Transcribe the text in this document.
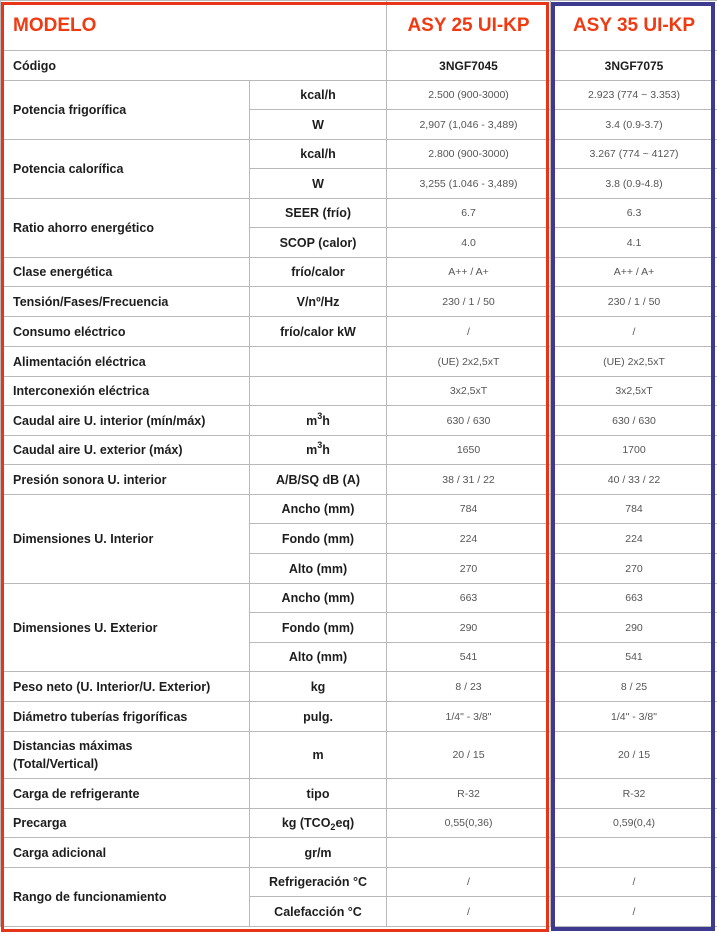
MODELO		ASY 25 UI-KP	ASY 35 UI-KP
Código		3NGF7045	3NGF7075
Potencia frigorífica	kcal/h	2.500 (900-3000)	2.923 (774 ~ 3.353)
	W	2,907 (1,046 - 3,489)	3.4 (0.9-3.7)
Potencia calorífica	kcal/h	2.800 (900-3000)	3.267 (774 ~ 4127)
	W	3,255 (1.046 - 3,489)	3.8 (0.9-4.8)
Ratio ahorro energético	SEER (frío)	6.7	6.3
	SCOP (calor)	4.0	4.1
Clase energética	frío/calor	A++ / A+	A++ / A+
Tensión/Fases/Frecuencia	V/nº/Hz	230 / 1 / 50	230 / 1 / 50
Consumo eléctrico	frío/calor kW	/	/
Alimentación eléctrica		(UE) 2x2,5xT	(UE) 2x2,5xT
Interconexión eléctrica		3x2,5xT	3x2,5xT
Caudal aire U. interior (mín/máx)	$m^3h$	630 / 630	630 / 630
Caudal aire U. exterior (máx)	$m^3h$	1650	1700
Presión sonora U. interior	A/B/SQ dB (A)	38 / 31 / 22	40 / 33 / 22
Dimensiones U. Interior	Ancho (mm)	784	784
	Fondo (mm)	224	224
	Alto (mm)	270	270
Dimensiones U. Exterior	Ancho (mm)	663	663
	Fondo (mm)	290	290
	Alto (mm)	541	541
Peso neto (U. Interior/U. Exterior)	kg	8 / 23	8 / 25
Diámetro tuberías frigoríficas	pulg.	1/4" - 3/8"	1/4" - 3/8"
Distancias máximas
(Total/Vertical)	m	20 / 15	20 / 15
Carga de refrigerante	tipo	R-32	R-32
Precarga	kg $(TCO_2eq)$	0,55(0,36)	0,59(0,4)
Carga adicional	gr/m		
Rango de funcionamiento	Refrigeración °C	/	/
	Calefacción °C	/	/
